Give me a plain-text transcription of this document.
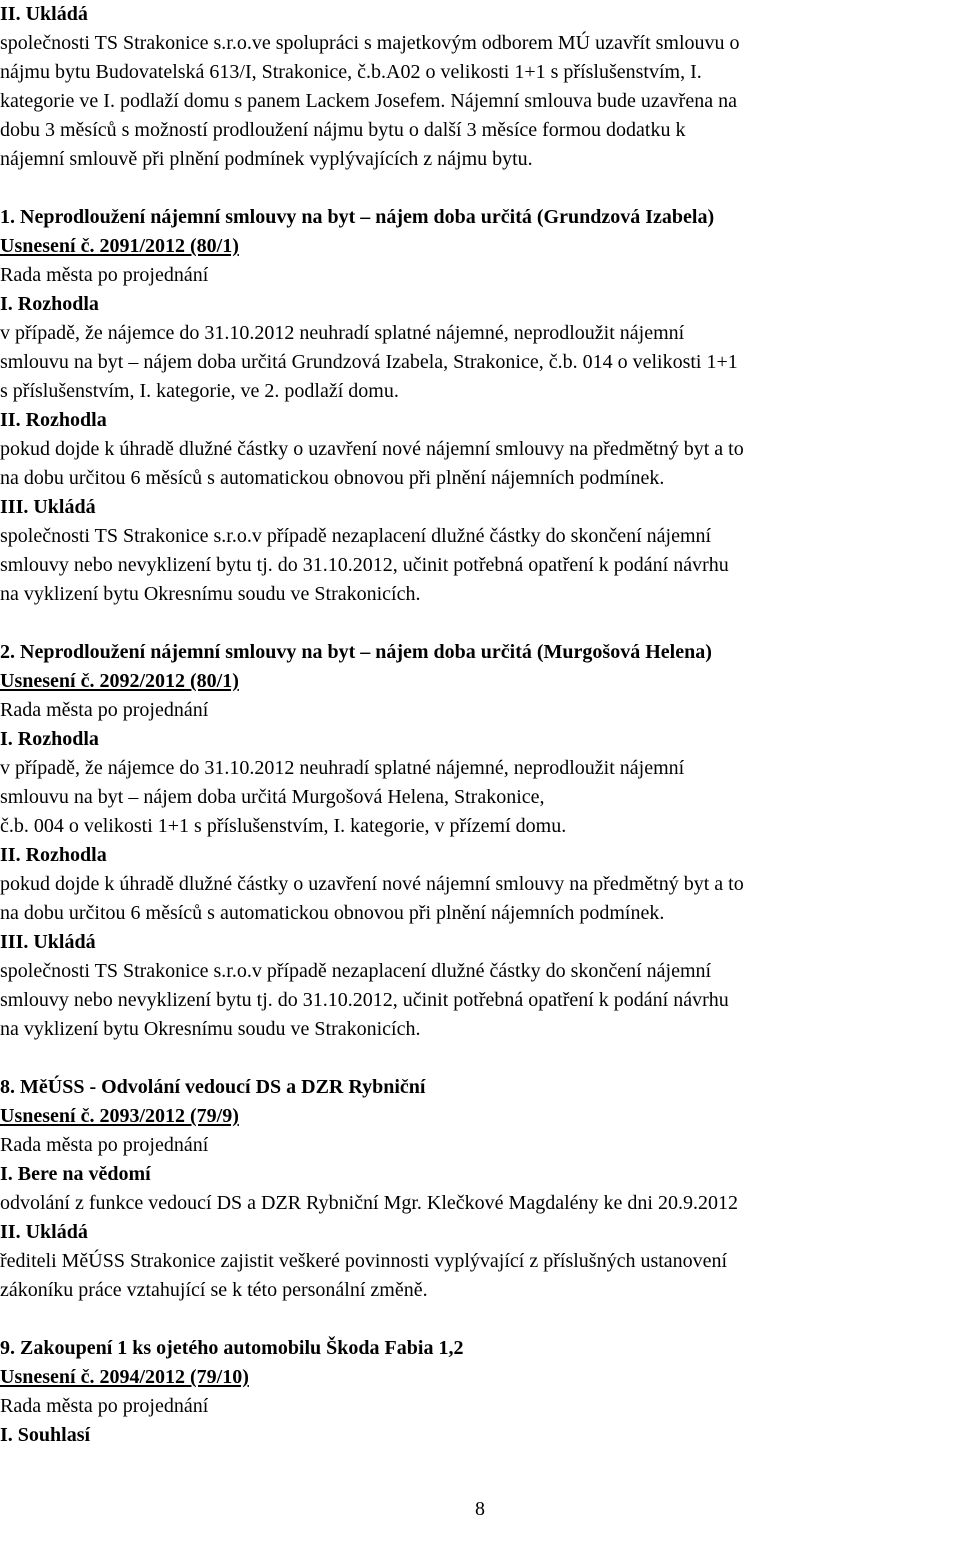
II. Ukládá
společnosti TS Strakonice s.r.o.ve spolupráci s majetkovým odborem MÚ uzavřít smlouvu o
nájmu bytu Budovatelská 613/I, Strakonice, č.b.A02 o velikosti 1+1 s příslušenstvím, I.
kategorie ve I. podlaží domu s panem Lackem Josefem. Nájemní smlouva bude uzavřena na
dobu 3 měsíců s možností prodloužení nájmu bytu o další 3 měsíce formou dodatku k
nájemní smlouvě při plnění podmínek vyplývajících z nájmu bytu.
1. Neprodloužení nájemní smlouvy na byt – nájem doba určitá (Grundzová Izabela)
Usnesení č. 2091/2012 (80/1)
Rada města po projednání
I. Rozhodla
v případě, že nájemce do 31.10.2012 neuhradí splatné nájemné, neprodloužit nájemní
smlouvu na byt – nájem doba určitá Grundzová Izabela, Strakonice, č.b. 014 o velikosti 1+1
s příslušenstvím, I. kategorie, ve 2. podlaží domu.
II. Rozhodla
pokud dojde k úhradě dlužné částky o uzavření nové nájemní smlouvy na předmětný byt a to
na dobu určitou 6 měsíců s automatickou obnovou při plnění nájemních podmínek.
III. Ukládá
společnosti TS Strakonice s.r.o.v případě nezaplacení dlužné částky do skončení nájemní
smlouvy nebo nevyklizení bytu tj. do 31.10.2012, učinit potřebná opatření k podání návrhu
na vyklizení bytu Okresnímu soudu ve Strakonicích.
2. Neprodloužení nájemní smlouvy na byt – nájem doba určitá (Murgošová Helena)
Usnesení č. 2092/2012 (80/1)
Rada města po projednání
I. Rozhodla
v případě, že nájemce do 31.10.2012 neuhradí splatné nájemné, neprodloužit nájemní
smlouvu na byt – nájem doba určitá Murgošová Helena, Strakonice,
č.b. 004 o velikosti 1+1 s příslušenstvím, I. kategorie, v přízemí domu.
II. Rozhodla
pokud dojde k úhradě dlužné částky o uzavření nové nájemní smlouvy na předmětný byt a to
na dobu určitou 6 měsíců s automatickou obnovou při plnění nájemních podmínek.
III. Ukládá
společnosti TS Strakonice s.r.o.v případě nezaplacení dlužné částky do skončení nájemní
smlouvy nebo nevyklizení bytu tj. do 31.10.2012, učinit potřebná opatření k podání návrhu
na vyklizení bytu Okresnímu soudu ve Strakonicích.
8. MěÚSS - Odvolání vedoucí DS a DZR Rybniční
Usnesení č. 2093/2012 (79/9)
Rada města po projednání
I. Bere na vědomí
odvolání z funkce vedoucí DS a DZR Rybniční Mgr. Klečkové Magdalény ke dni 20.9.2012
II. Ukládá
řediteli MěÚSS Strakonice zajistit veškeré povinnosti vyplývající z příslušných ustanovení
zákoníku práce vztahující se k této personální změně.
9. Zakoupení 1 ks ojetého automobilu Škoda Fabia 1,2
Usnesení č. 2094/2012 (79/10)
Rada města po projednání
I. Souhlasí
8
